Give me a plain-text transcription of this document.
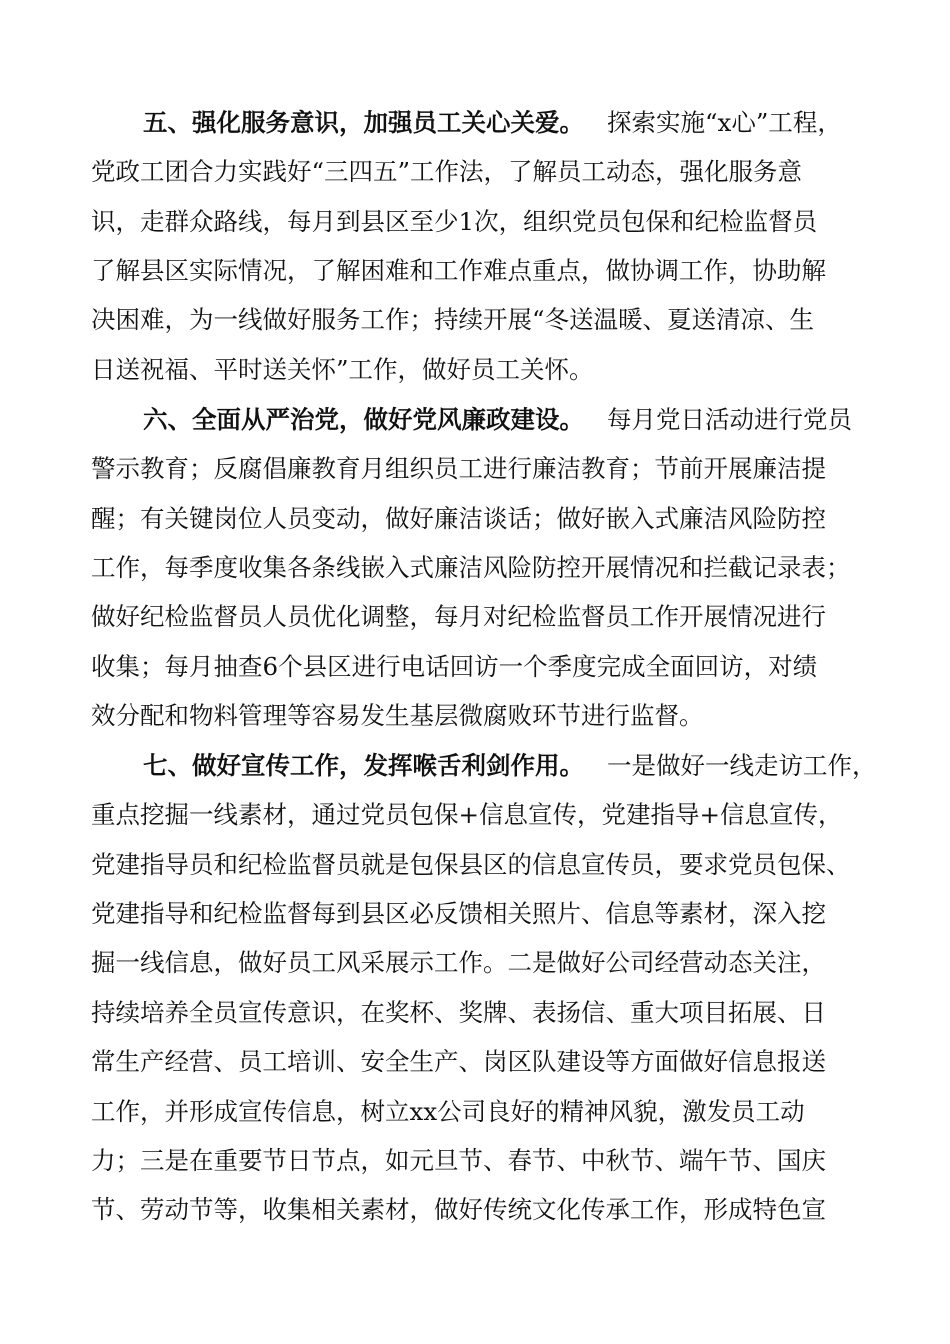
五、强化服务意识，加强员工关心关爱。 探索实施“x心”工程，
党政工团合力实践好“三四五”工作法，了解员工动态，强化服务意
识，走群众路线，每月到县区至少1次，组织党员包保和纪检监督员
了解县区实际情况，了解困难和工作难点重点，做协调工作，协助解
决困难，为一线做好服务工作；持续开展“冬送温暖、夏送清凉、生
日送祝福、平时送关怀”工作，做好员工关怀。
六、全面从严治党，做好党风廉政建设。 每月党日活动进行党员
警示教育；反腐倡廉教育月组织员工进行廉洁教育；节前开展廉洁提
醒；有关键岗位人员变动，做好廉洁谈话；做好嵌入式廉洁风险防控
工作，每季度收集各条线嵌入式廉洁风险防控开展情况和拦截记录表；
做好纪检监督员人员优化调整，每月对纪检监督员工作开展情况进行
收集；每月抽查6个县区进行电话回访一个季度完成全面回访，对绩
效分配和物料管理等容易发生基层微腐败环节进行监督。
七、做好宣传工作，发挥喉舌利剑作用。 一是做好一线走访工作，
重点挖掘一线素材，通过党员包保+信息宣传，党建指导+信息宣传，
党建指导员和纪检监督员就是包保县区的信息宣传员，要求党员包保、
党建指导和纪检监督每到县区必反馈相关照片、信息等素材，深入挖
掘一线信息，做好员工风采展示工作。二是做好公司经营动态关注，
持续培养全员宣传意识，在奖杯、奖牌、表扬信、重大项目拓展、日
常生产经营、员工培训、安全生产、岗区队建设等方面做好信息报送
工作，并形成宣传信息，树立xx公司良好的精神风貌，激发员工动
力；三是在重要节日节点，如元旦节、春节、中秋节、端午节、国庆
节、劳动节等，收集相关素材，做好传统文化传承工作，形成特色宣
